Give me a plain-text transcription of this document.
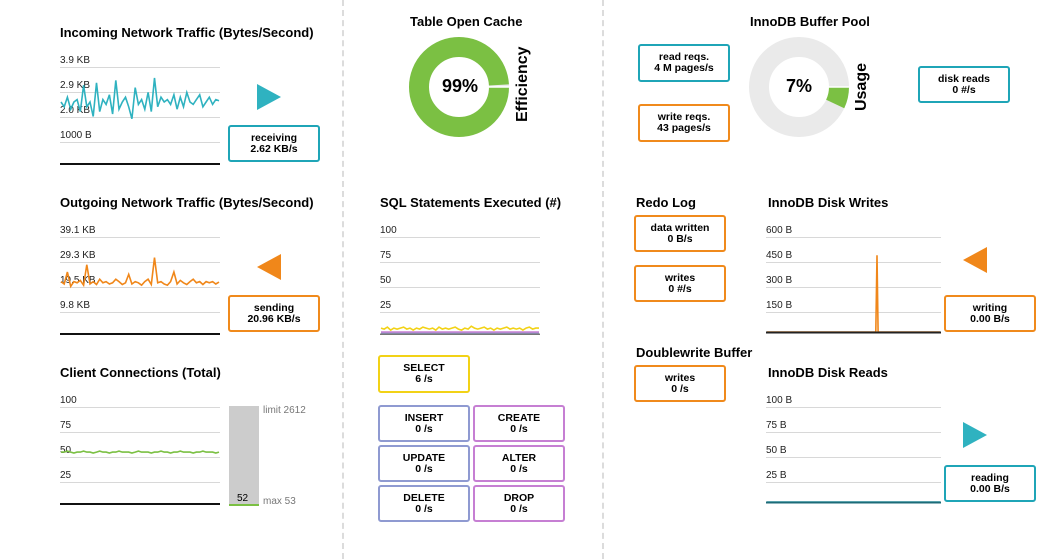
Incoming Network Traffic (Bytes/Second)
3.9 KB
2.9 KB
2.0 KB
1000 B	receiving
2.62 KB/s
Outgoing Network Traffic (Bytes/Second)
39.1 KB
29.3 KB
19.5 KB
9.8 KB	sending
20.96 KB/s
Client Connections (Total)
100
75
50
25
52
limit 2612
max 53
Table Open Cache
99%	Efficiency
SQL Statements Executed (#)
100
75
50
25
SELECT
6 /s
INSERT
0 /s
CREATE
0 /s
UPDATE
0 /s
ALTER
0 /s
DELETE
0 /s
DROP
0 /s
InnoDB Buffer Pool
read reqs.
4 M pages/s
write reqs.
43 pages/s
7%	Usage	disk reads
0 #/s
Redo Log
data written
0 B/s
writes
0 #/s
Doublewrite Buffer
writes
0 /s
InnoDB Disk Writes
600 B
450 B
300 B
150 B	writing
0.00 B/s
InnoDB Disk Reads
100 B
75 B
50 B
25 B	reading
0.00 B/s
